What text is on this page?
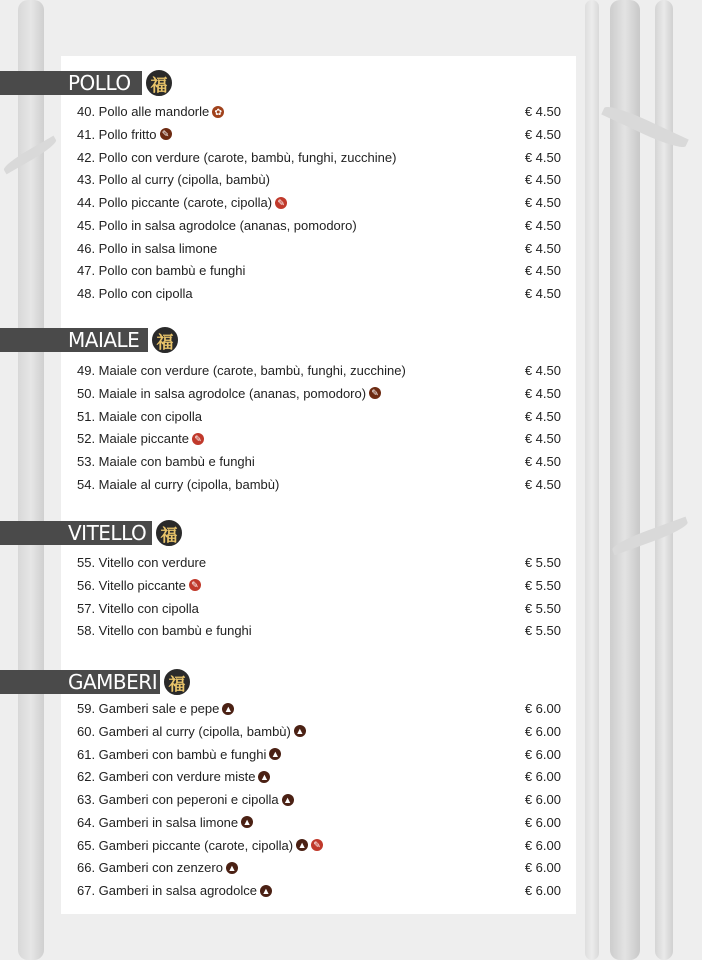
POLLO	福
40. Pollo alle mandorle ✿	€ 4.50
41. Pollo fritto ✎	€ 4.50
42. Pollo con verdure (carote, bambù, funghi, zucchine)	€ 4.50
43. Pollo al curry (cipolla, bambù)	€ 4.50
44. Pollo piccante (carote, cipolla) ✎	€ 4.50
45. Pollo in salsa agrodolce (ananas, pomodoro)	€ 4.50
46. Pollo in salsa limone	€ 4.50
47. Pollo con bambù e funghi	€ 4.50
48. Pollo con cipolla	€ 4.50
MAIALE	福
49. Maiale con verdure (carote, bambù, funghi, zucchine)	€ 4.50
50. Maiale in salsa agrodolce (ananas, pomodoro) ✎	€ 4.50
51. Maiale con cipolla	€ 4.50
52. Maiale piccante ✎	€ 4.50
53. Maiale con bambù e funghi	€ 4.50
54. Maiale al curry (cipolla, bambù)	€ 4.50
VITELLO 福
55. Vitello con verdure	€ 5.50
56. Vitello piccante ✎	€ 5.50
57. Vitello con cipolla	€ 5.50
58. Vitello con bambù e funghi	€ 5.50
GAMBERI 福
59. Gamberi sale e pepe ▲	€ 6.00
60. Gamberi al curry (cipolla, bambù) ▲	€ 6.00
61. Gamberi con bambù e funghi ▲	€ 6.00
62. Gamberi con verdure miste ▲	€ 6.00
63. Gamberi con peperoni e cipolla ▲	€ 6.00
64. Gamberi in salsa limone ▲	€ 6.00
65. Gamberi piccante (carote, cipolla) ▲ ✎	€ 6.00
66. Gamberi con zenzero ▲	€ 6.00
67. Gamberi in salsa agrodolce ▲	€ 6.00
